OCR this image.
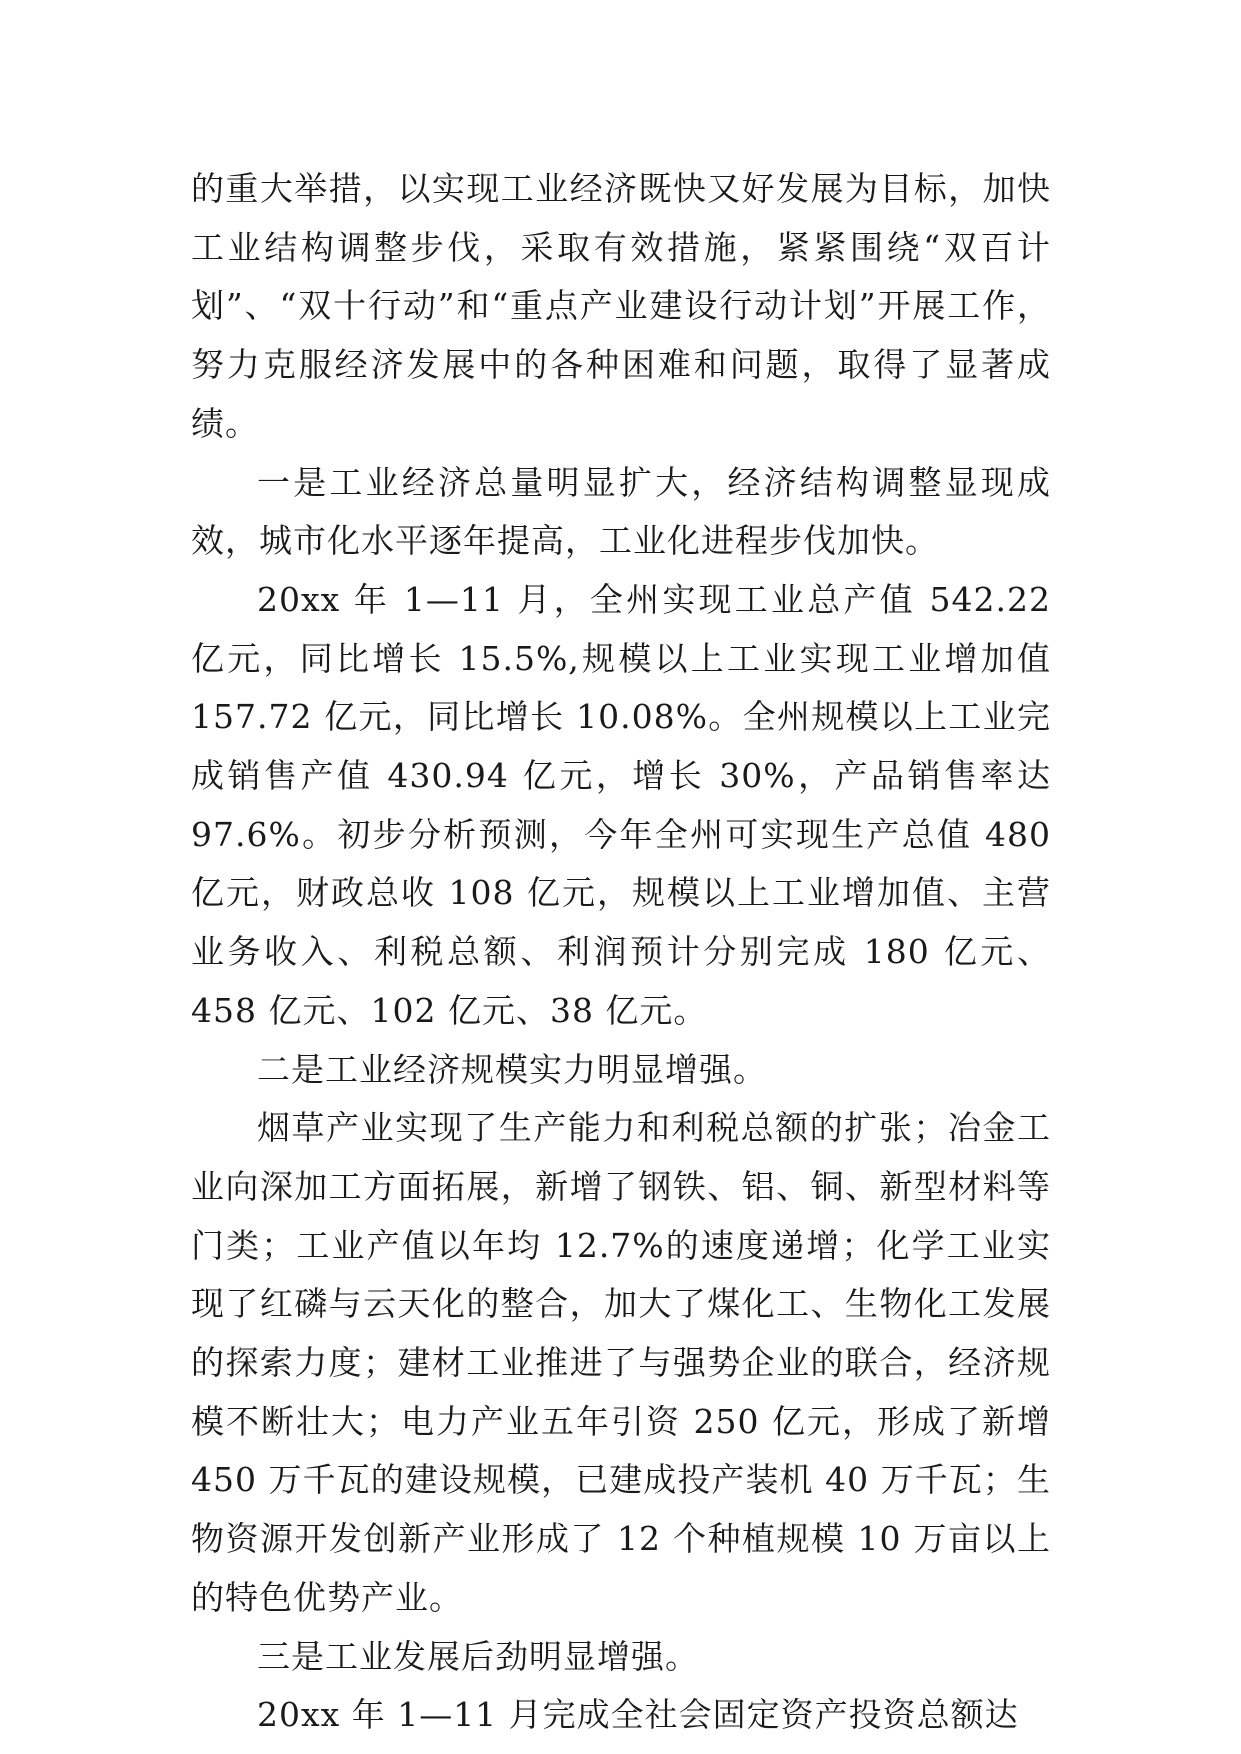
的重大举措，以实现工业经济既快又好发展为目标，加快工业结构调整步伐，采取有效措施，紧紧围绕“双百计划”、“双十行动”和“重点产业建设行动计划”开展工作，努力克服经济发展中的各种困难和问题，取得了显著成绩。

一是工业经济总量明显扩大，经济结构调整显现成效，城市化水平逐年提高，工业化进程步伐加快。

20xx 年 1—11 月，全州实现工业总产值 542.22 亿元，同比增长 15.5%,规模以上工业实现工业增加值 157.72 亿元，同比增长 10.08%。全州规模以上工业完成销售产值 430.94 亿元，增长 30%，产品销售率达 97.6%。初步分析预测，今年全州可实现生产总值 480 亿元，财政总收 108 亿元，规模以上工业增加值、主营业务收入、利税总额、利润预计分别完成 180 亿元、458 亿元、102 亿元、38 亿元。

二是工业经济规模实力明显增强。

烟草产业实现了生产能力和利税总额的扩张；冶金工业向深加工方面拓展，新增了钢铁、铝、铜、新型材料等门类；工业产值以年均 12.7%的速度递增；化学工业实现了红磷与云天化的整合，加大了煤化工、生物化工发展的探索力度；建材工业推进了与强势企业的联合，经济规模不断壮大；电力产业五年引资 250 亿元，形成了新增 450 万千瓦的建设规模，已建成投产装机 40 万千瓦；生物资源开发创新产业形成了 12 个种植规模 10 万亩以上的特色优势产业。

三是工业发展后劲明显增强。

20xx 年 1—11 月完成全社会固定资产投资总额达
